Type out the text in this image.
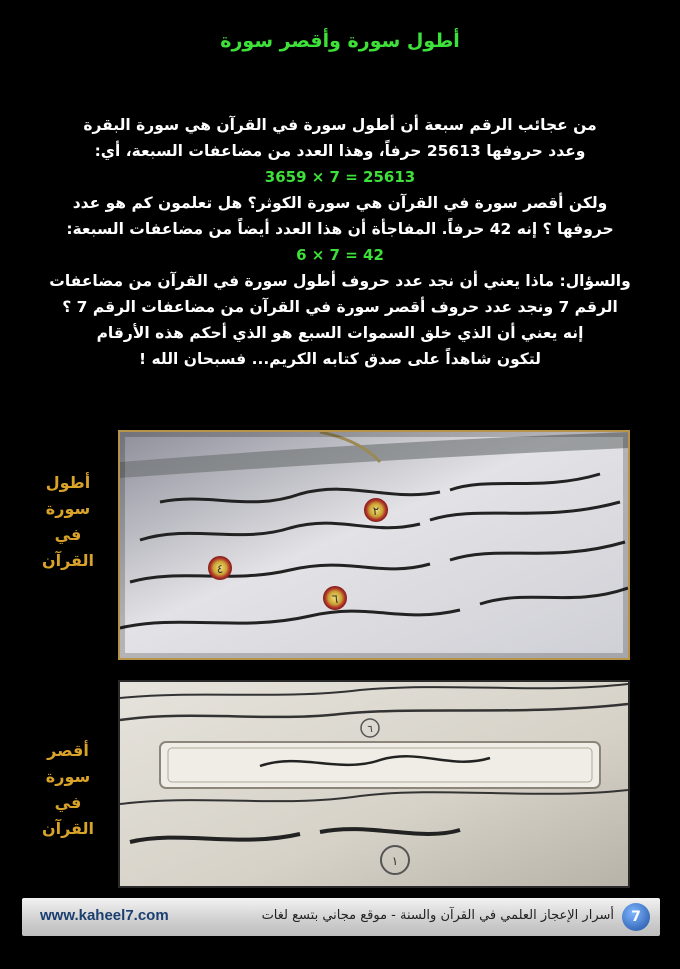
أطول سورة وأقصر سورة
من عجائب الرقم سبعة أن أطول سورة في القرآن هي سورة البقرة
وعدد حروفها 25613 حرفاً، وهذا العدد من مضاعفات السبعة، أي:
3659 × 7 = 25613
ولكن أقصر سورة في القرآن هي سورة الكوثر؟ هل تعلمون كم هو عدد
حروفها ؟ إنه 42 حرفاً. المفاجأة أن هذا العدد أيضاً من مضاعفات السبعة:
6 × 7 = 42
والسؤال: ماذا يعني أن نجد عدد حروف أطول سورة في القرآن من مضاعفات
الرقم 7 ونجد عدد حروف أقصر سورة في القرآن من مضاعفات الرقم 7 ؟
إنه يعني أن الذي خلق السموات السبع هو الذي أحكم هذه الأرقام
لتكون شاهداً على صدق كتابه الكريم... فسبحان الله !
٢
٤
٦
أطول
سورة
في
القرآن
١
٦
أقصر
سورة
في
القرآن
www.kaheel7.com	أسرار الإعجاز العلمي في القرآن والسنة - موقع مجاني بتسع لغات	7
